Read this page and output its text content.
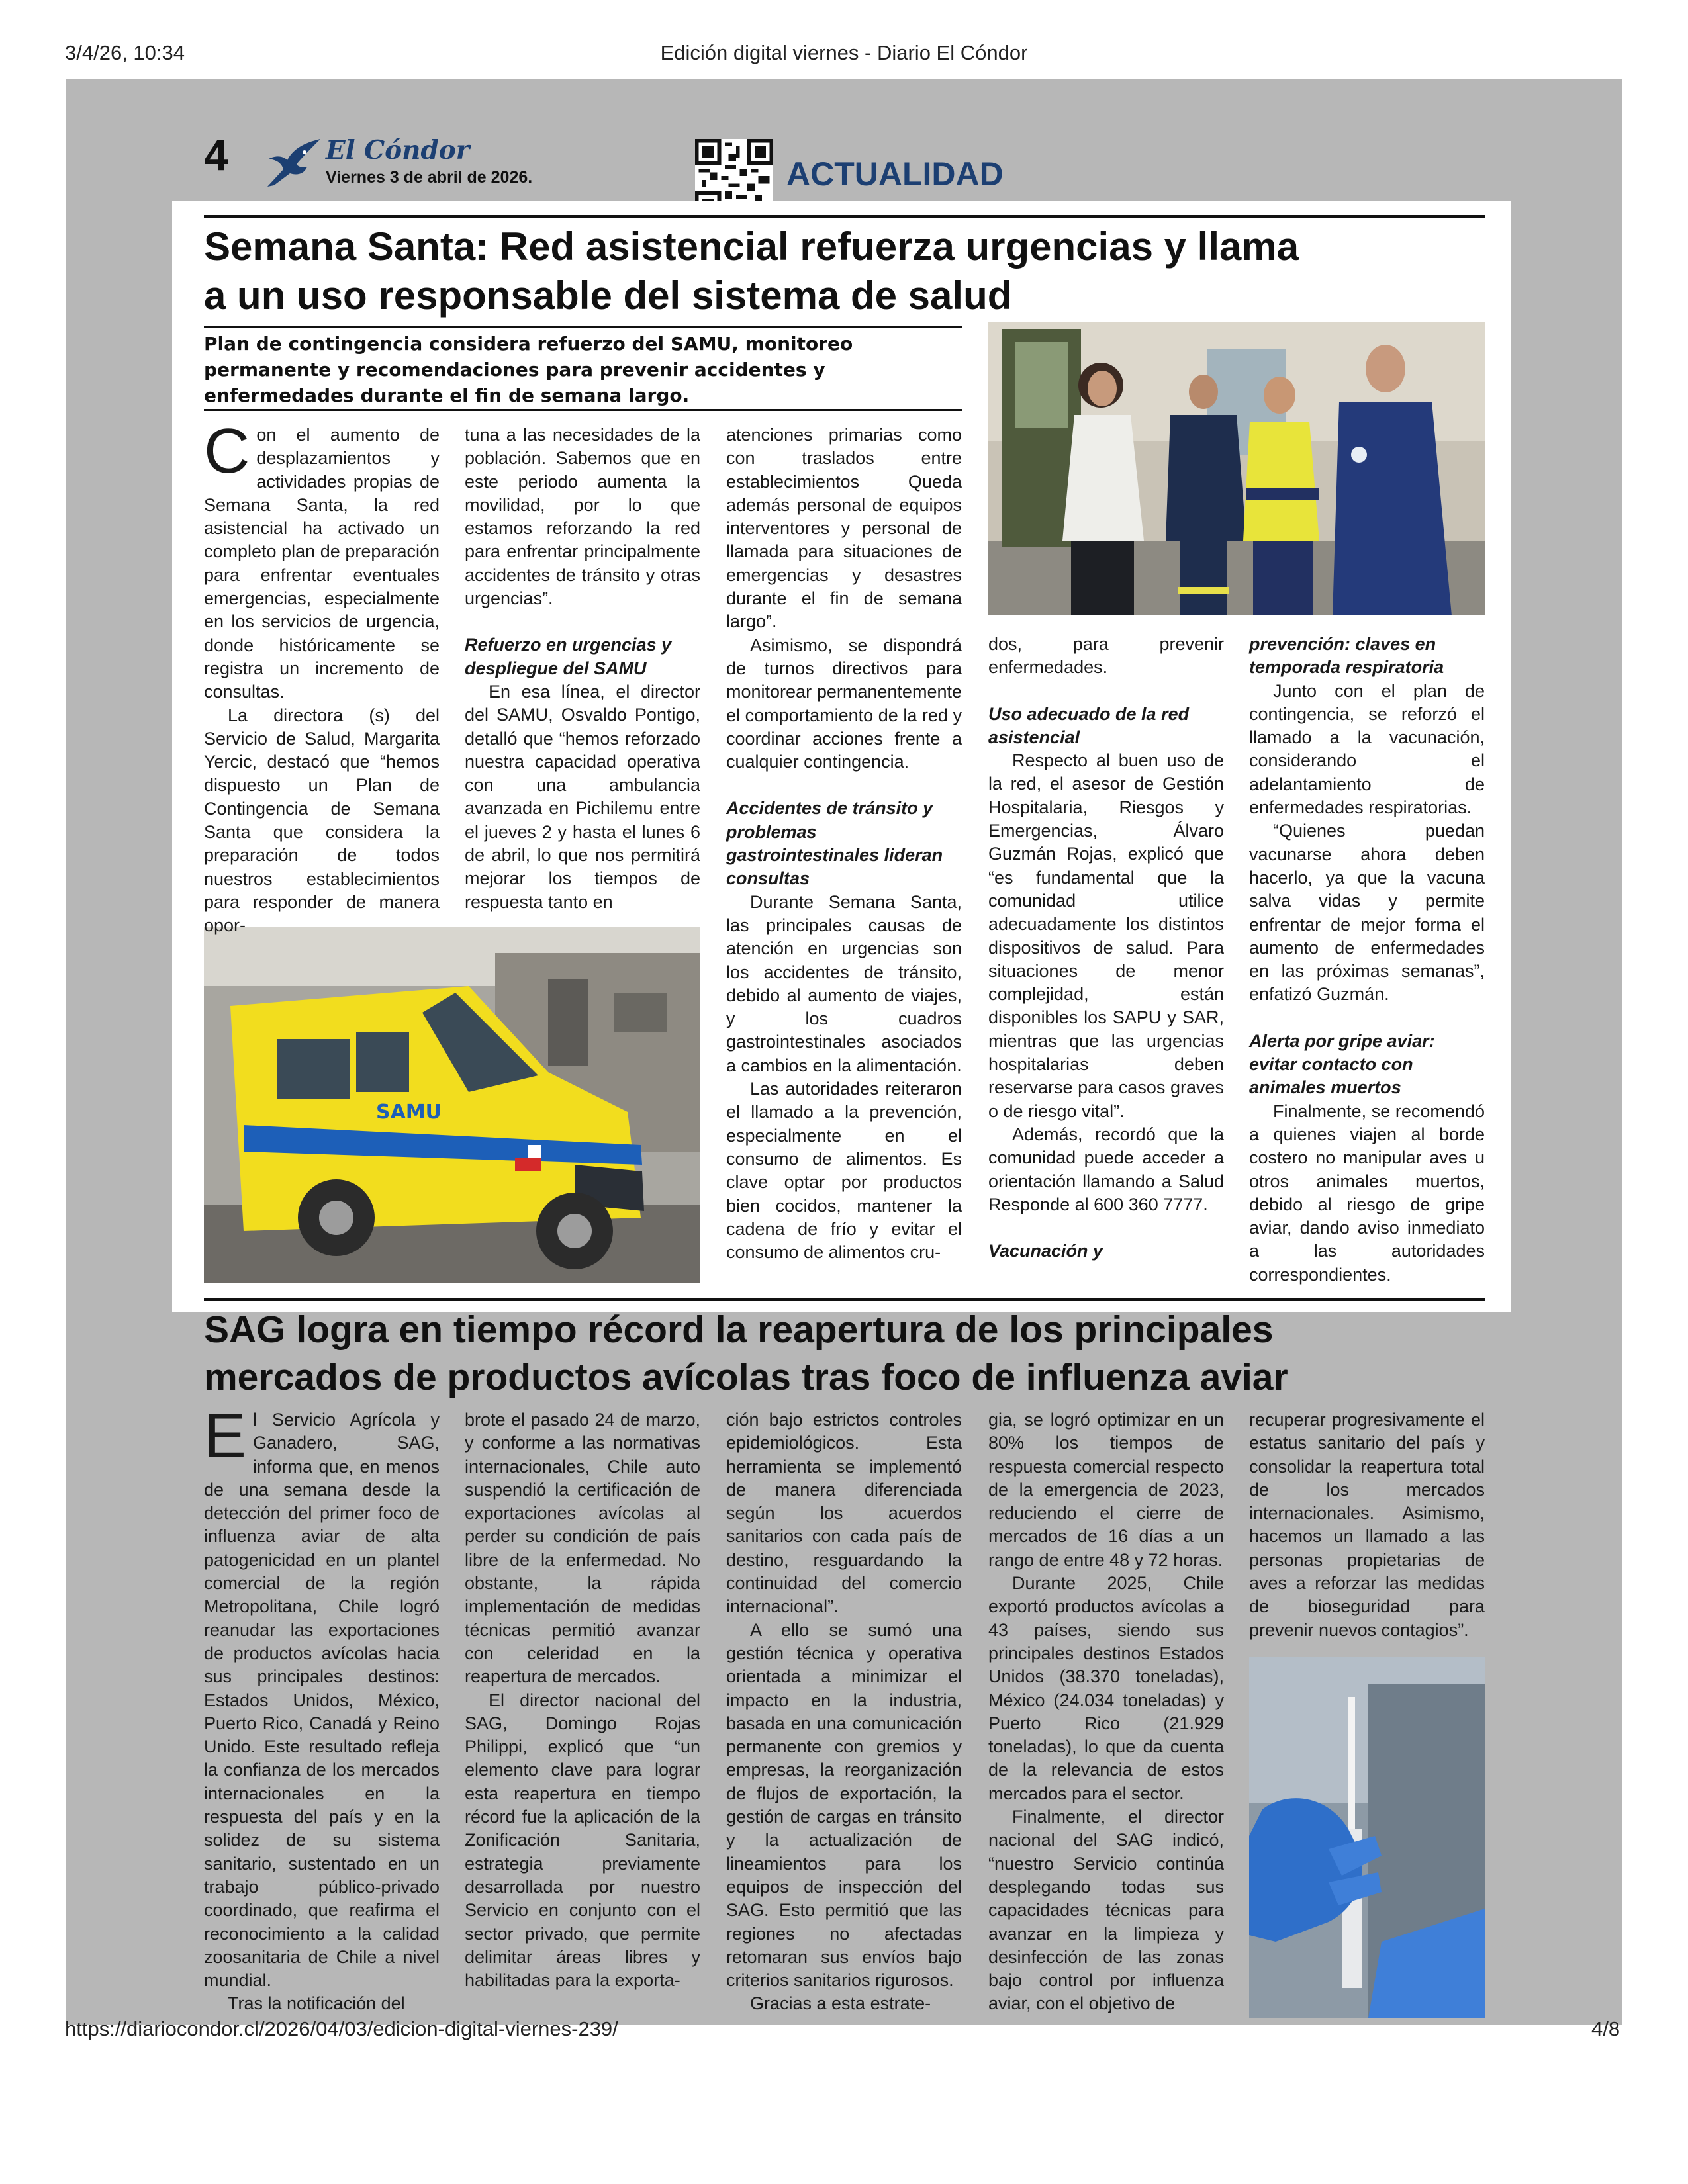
3/4/26, 10:34	Edición digital viernes - Diario El Cóndor
4	El Cóndor
Viernes 3 de abril de 2026.	ACTUALIDAD
Semana Santa: Red asistencial refuerza urgencias y llama
a un uso responsable del sistema de salud
Plan de contingencia considera refuerzo del SAMU, monitoreo permanente y recomendaciones para prevenir accidentes y enfermedades durante el fin de semana largo.
SAMU

Con el aumento de desplazamientos y actividades propias de Semana Santa, la red asistencial ha activado un completo plan de preparación para enfrentar eventuales emergencias, especialmente en los servicios de urgencia, donde históricamente se registra un incremento de consultas.

La directora (s) del Servicio de Salud, Margarita Yercic, destacó que “hemos dispuesto un Plan de Contingencia de Semana Santa que considera la preparación de todos nuestros establecimientos para responder de manera opor-

tuna a las necesidades de la población. Sabemos que en este periodo aumenta la movilidad, por lo que estamos reforzando la red para enfrentar principalmente accidentes de tránsito y otras urgencias”.

Refuerzo en urgencias y despliegue del SAMU

En esa línea, el director del SAMU, Osvaldo Pontigo, detalló que “hemos reforzado nuestra capacidad operativa con una ambulancia avanzada en Pichilemu entre el jueves 2 y hasta el lunes 6 de abril, lo que nos permitirá mejorar los tiempos de respuesta tanto en

atenciones primarias como con traslados entre establecimientos Queda además personal de equipos interventores y personal de llamada para situaciones de emergencias y desastres durante el fin de semana largo”.

Asimismo, se dispondrá de turnos directivos para monitorear permanentemente el comportamiento de la red y coordinar acciones frente a cualquier contingencia.

Accidentes de tránsito y problemas gastrointestinales lideran consultas

Durante Semana Santa, las principales causas de atención en urgencias son los accidentes de tránsito, debido al aumento de viajes, y los cuadros gastrointestinales asociados a cambios en la alimentación.

Las autoridades reiteraron el llamado a la prevención, especialmente en el consumo de alimentos. Es clave optar por productos bien cocidos, mantener la cadena de frío y evitar el consumo de alimentos cru-

dos, para prevenir enfermedades.

Uso adecuado de la red asistencial

Respecto al buen uso de la red, el asesor de Gestión Hospitalaria, Riesgos y Emergencias, Álvaro Guzmán Rojas, explicó que “es fundamental que la comunidad utilice adecuadamente los distintos dispositivos de salud. Para situaciones de menor complejidad, están disponibles los SAPU y SAR, mientras que las urgencias hospitalarias deben reservarse para casos graves o de riesgo vital”.

Además, recordó que la comunidad puede acceder a orientación llamando a Salud Responde al 600 360 7777.

Vacunación y

prevención: claves en temporada respiratoria

Junto con el plan de contingencia, se reforzó el llamado a la vacunación, considerando el adelantamiento de enfermedades respiratorias.

“Quienes puedan vacunarse ahora deben hacerlo, ya que la vacuna salva vidas y permite enfrentar de mejor forma el aumento de enfermedades en las próximas semanas”, enfatizó Guzmán.

Alerta por gripe aviar: evitar contacto con animales muertos

Finalmente, se recomendó a quienes viajen al borde costero no manipular aves u otros animales muertos, debido al riesgo de gripe aviar, dando aviso inmediato a las autoridades correspondientes.

SAG logra en tiempo récord la reapertura de los principales
mercados de productos avícolas tras foco de influenza aviar

El Servicio Agrícola y Ganadero, SAG, informa que, en menos de una semana desde la detección del primer foco de influenza aviar de alta patogenicidad en un plantel comercial de la región Metropolitana, Chile logró reanudar las exportaciones de productos avícolas hacia sus principales destinos: Estados Unidos, México, Puerto Rico, Canadá y Reino Unido. Este resultado refleja la confianza de los mercados internacionales en la respuesta del país y en la solidez de su sistema sanitario, sustentado en un trabajo público-privado coordinado, que reafirma el reconocimiento a la calidad zoosanitaria de Chile a nivel mundial.

Tras la notificación del

brote el pasado 24 de marzo, y conforme a las normativas internacionales, Chile auto suspendió la certificación de exportaciones avícolas al perder su condición de país libre de la enfermedad. No obstante, la rápida implementación de medidas técnicas permitió avanzar con celeridad en la reapertura de mercados.

El director nacional del SAG, Domingo Rojas Philippi, explicó que “un elemento clave para lograr esta reapertura en tiempo récord fue la aplicación de la Zonificación Sanitaria, estrategia previamente desarrollada por nuestro Servicio en conjunto con el sector privado, que permite delimitar áreas libres y habilitadas para la exporta-

ción bajo estrictos controles epidemiológicos. Esta herramienta se implementó de manera diferenciada según los acuerdos sanitarios con cada país de destino, resguardando la continuidad del comercio internacional”.

A ello se sumó una gestión técnica y operativa orientada a minimizar el impacto en la industria, basada en una comunicación permanente con gremios y empresas, la reorganización de flujos de exportación, la gestión de cargas en tránsito y la actualización de lineamientos para los equipos de inspección del SAG. Esto permitió que las regiones no afectadas retomaran sus envíos bajo criterios sanitarios rigurosos.

Gracias a esta estrate-

gia, se logró optimizar en un 80% los tiempos de respuesta comercial respecto de la emergencia de 2023, reduciendo el cierre de mercados de 16 días a un rango de entre 48 y 72 horas.

Durante 2025, Chile exportó productos avícolas a 43 países, siendo sus principales destinos Estados Unidos (38.370 toneladas), México (24.034 toneladas) y Puerto Rico (21.929 toneladas), lo que da cuenta de la relevancia de estos mercados para el sector.

Finalmente, el director nacional del SAG indicó, “nuestro Servicio continúa desplegando todas sus capacidades técnicas para avanzar en la limpieza y desinfección de las zonas bajo control por influenza aviar, con el objetivo de

recuperar progresivamente el estatus sanitario del país y consolidar la reapertura total de los mercados internacionales. Asimismo, hacemos un llamado a las personas propietarias de aves a reforzar las medidas de bioseguridad para prevenir nuevos contagios”.

https://diariocondor.cl/2026/04/03/edicion-digital-viernes-239/	4/8
